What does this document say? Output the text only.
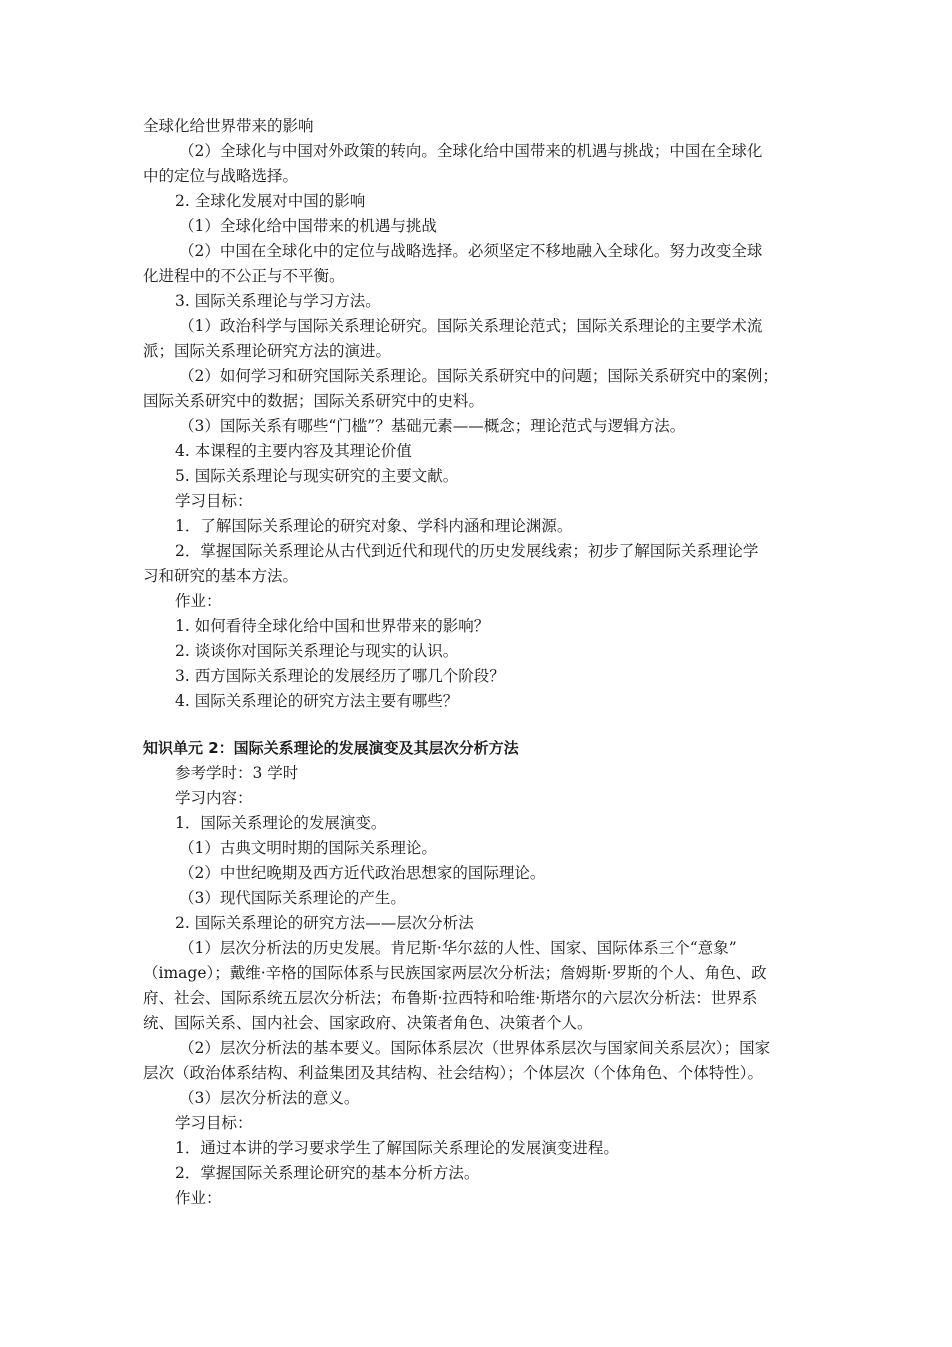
全球化给世界带来的影响
（2）全球化与中国对外政策的转向。全球化给中国带来的机遇与挑战；中国在全球化
中的定位与战略选择。
2. 全球化发展对中国的影响
（1）全球化给中国带来的机遇与挑战
（2）中国在全球化中的定位与战略选择。必须坚定不移地融入全球化。努力改变全球
化进程中的不公正与不平衡。
3. 国际关系理论与学习方法。
（1）政治科学与国际关系理论研究。国际关系理论范式；国际关系理论的主要学术流
派；国际关系理论研究方法的演进。
（2）如何学习和研究国际关系理论。国际关系研究中的问题；国际关系研究中的案例；
国际关系研究中的数据；国际关系研究中的史料。
（3）国际关系有哪些“门槛”？基础元素——概念；理论范式与逻辑方法。
4. 本课程的主要内容及其理论价值
5. 国际关系理论与现实研究的主要文献。
学习目标：
1．了解国际关系理论的研究对象、学科内涵和理论渊源。
2．掌握国际关系理论从古代到近代和现代的历史发展线索；初步了解国际关系理论学
习和研究的基本方法。
作业：
1. 如何看待全球化给中国和世界带来的影响？
2. 谈谈你对国际关系理论与现实的认识。
3. 西方国际关系理论的发展经历了哪几个阶段？
4. 国际关系理论的研究方法主要有哪些？
知识单元 2：国际关系理论的发展演变及其层次分析方法
参考学时：3 学时
学习内容：
1．国际关系理论的发展演变。
（1）古典文明时期的国际关系理论。
（2）中世纪晚期及西方近代政治思想家的国际理论。
（3）现代国际关系理论的产生。
2. 国际关系理论的研究方法——层次分析法
（1）层次分析法的历史发展。肯尼斯·华尔兹的人性、国家、国际体系三个“意象”
（image）；戴维·辛格的国际体系与民族国家两层次分析法；詹姆斯·罗斯的个人、角色、政
府、社会、国际系统五层次分析法；布鲁斯·拉西特和哈维·斯塔尔的六层次分析法：世界系
统、国际关系、国内社会、国家政府、决策者角色、决策者个人。
（2）层次分析法的基本要义。国际体系层次（世界体系层次与国家间关系层次）；国家
层次（政治体系结构、利益集团及其结构、社会结构）；个体层次（个体角色、个体特性）。
（3）层次分析法的意义。
学习目标：
1．通过本讲的学习要求学生了解国际关系理论的发展演变进程。
2．掌握国际关系理论研究的基本分析方法。
作业：
